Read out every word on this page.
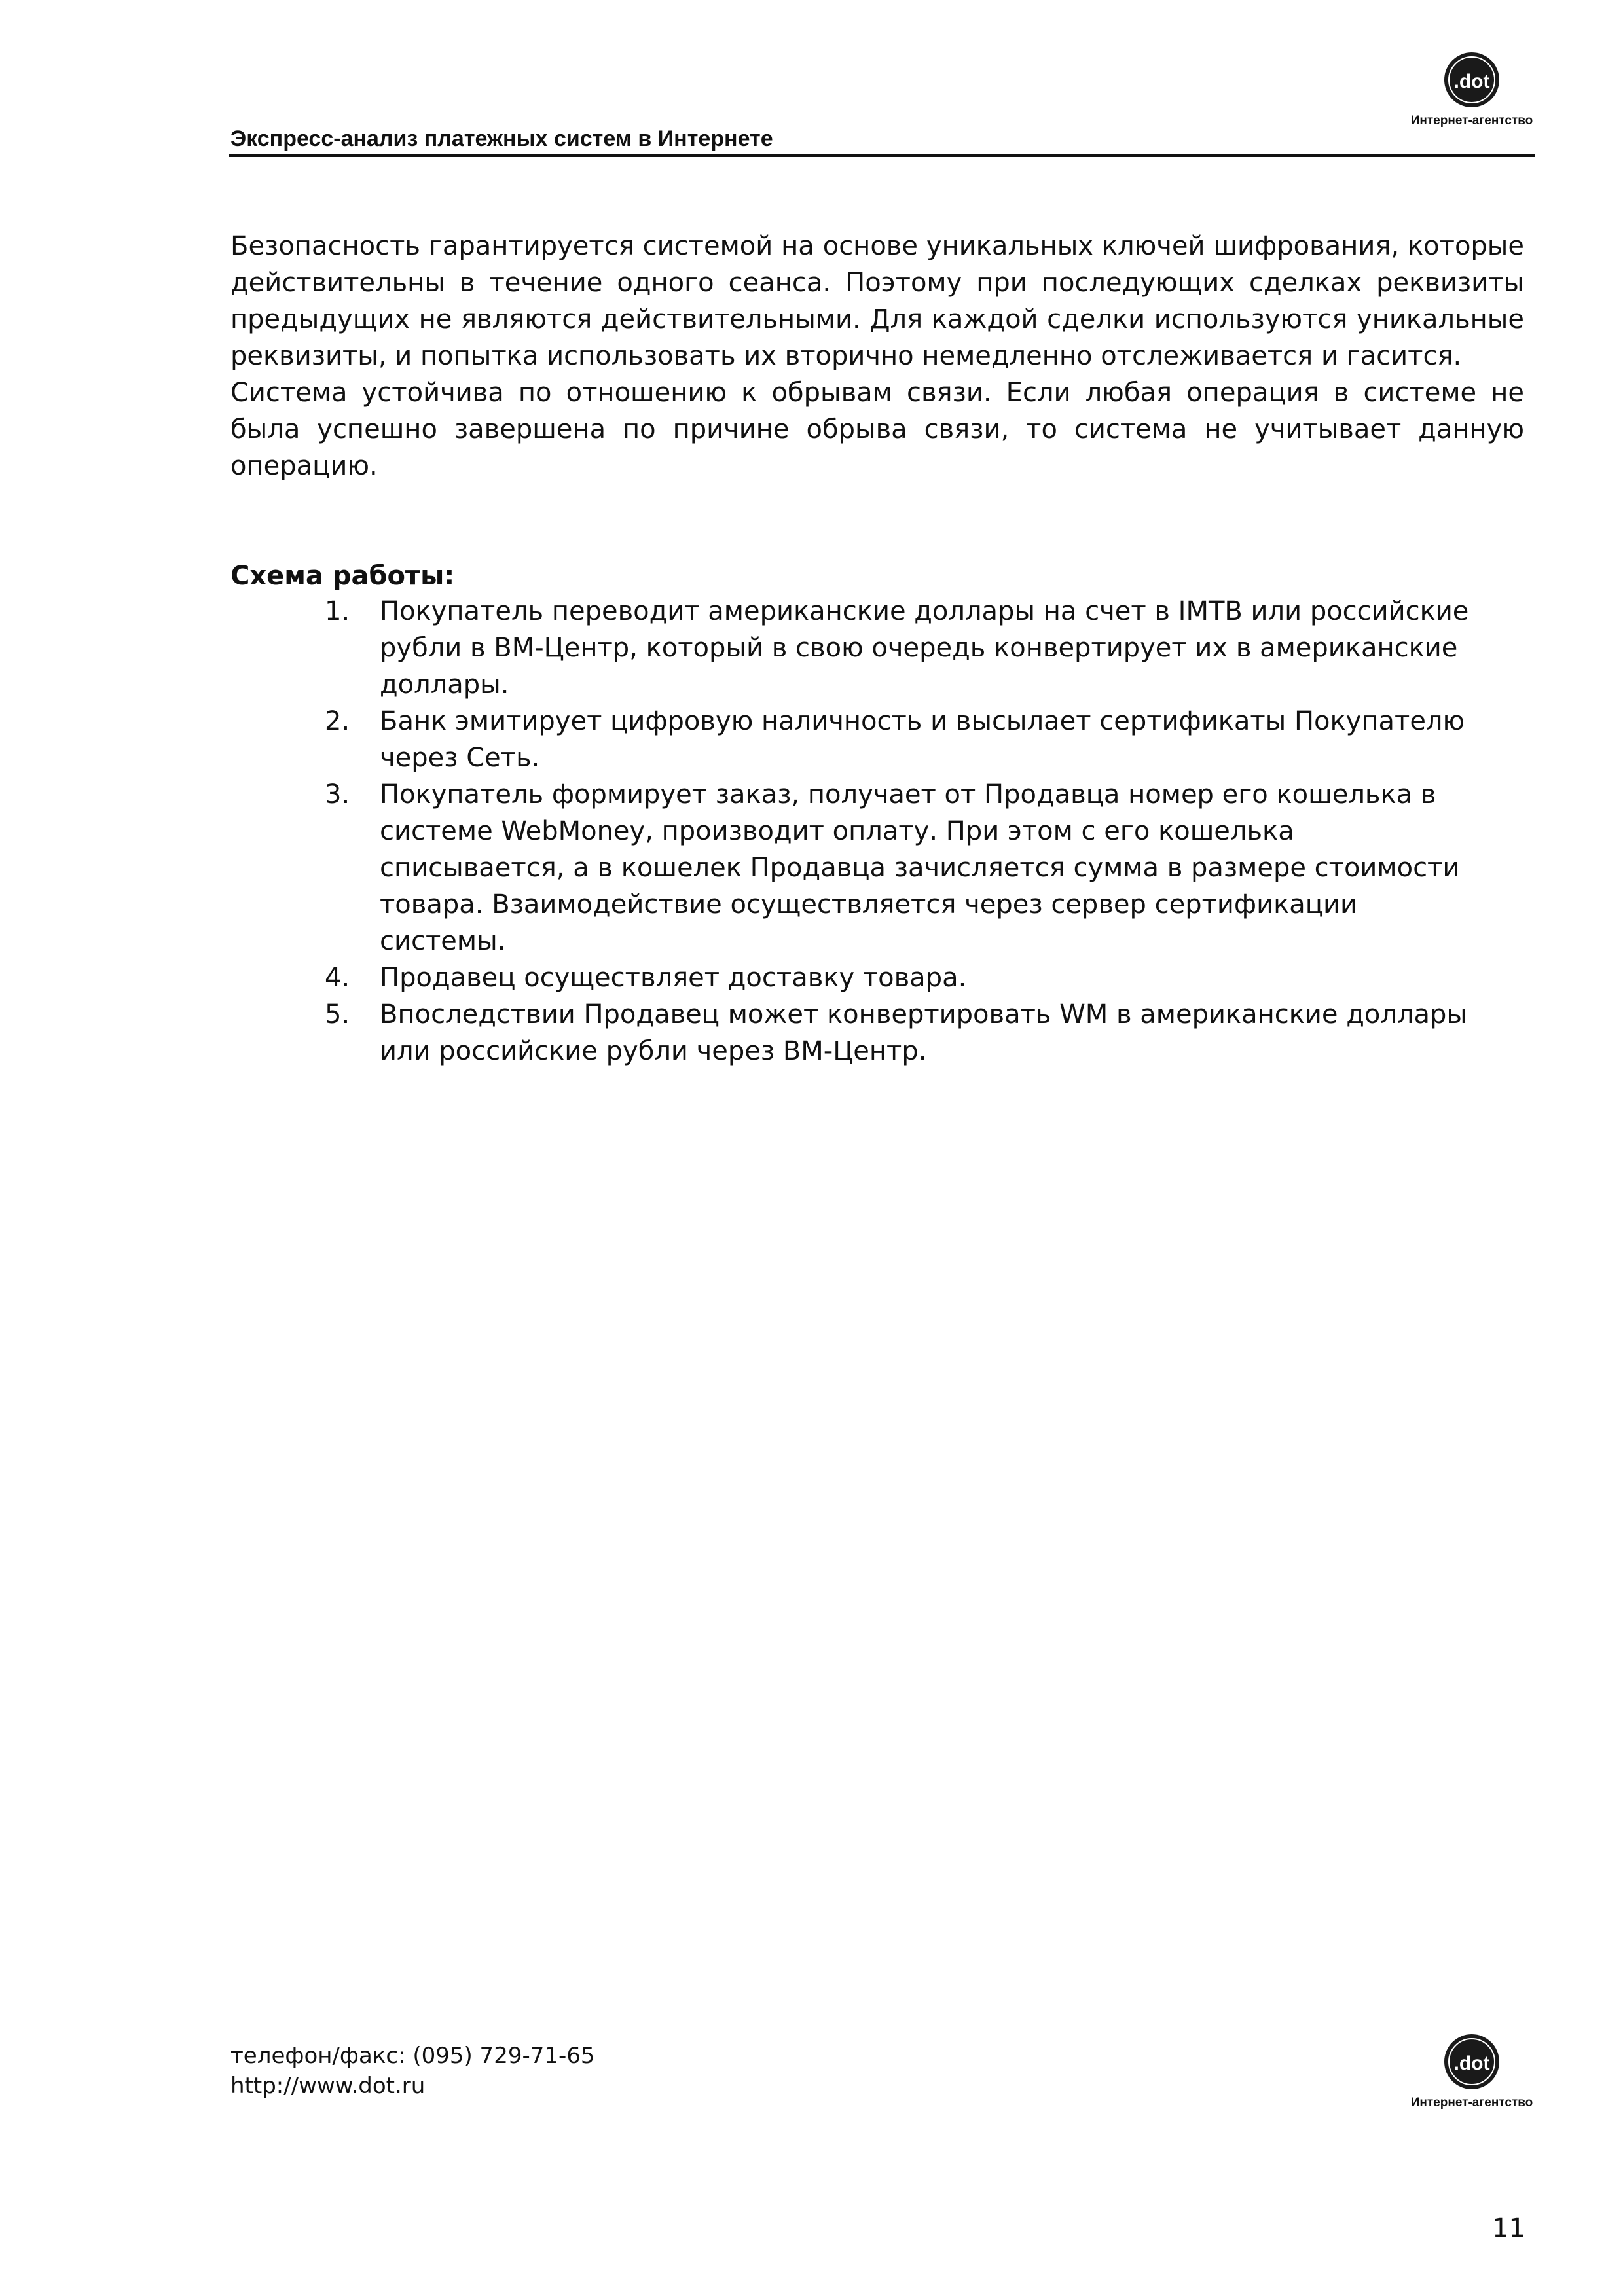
Экспресс-анализ платежных систем в Интернете
.dot
Интернет-агентство

Безопасность гарантируется системой на основе уникальных ключей шифрования, которые действительны в течение одного сеанса. Поэтому при последующих сделках реквизиты предыдущих не являются действительными. Для каждой сделки используются уникальные реквизиты, и попытка использовать их вторично немедленно отслеживается и гасится.

Система устойчива по отношению к обрывам связи. Если любая операция в системе не была успешно завершена по причине обрыва связи, то система не учитывает данную операцию.

Схема работы:
1. Покупатель переводит американские доллары на счет в IMTB или российские рубли в ВМ-Центр, который в свою очередь конвертирует их в американские доллары.
2. Банк эмитирует цифровую наличность и высылает сертификаты Покупателю через Сеть.
3. Покупатель формирует заказ, получает от Продавца номер его кошелька в системе WebMoney, производит оплату. При этом с его кошелька списывается, а в кошелек Продавца зачисляется сумма в размере стоимости товара. Взаимодействие осуществляется через сервер сертификации системы.
4. Продавец осуществляет доставку товара.
5. Впоследствии Продавец может конвертировать WM в американские доллары или российские рубли через ВМ-Центр.
телефон/факс: (095) 729-71-65
http://www.dot.ru
.dot
Интернет-агентство
11
